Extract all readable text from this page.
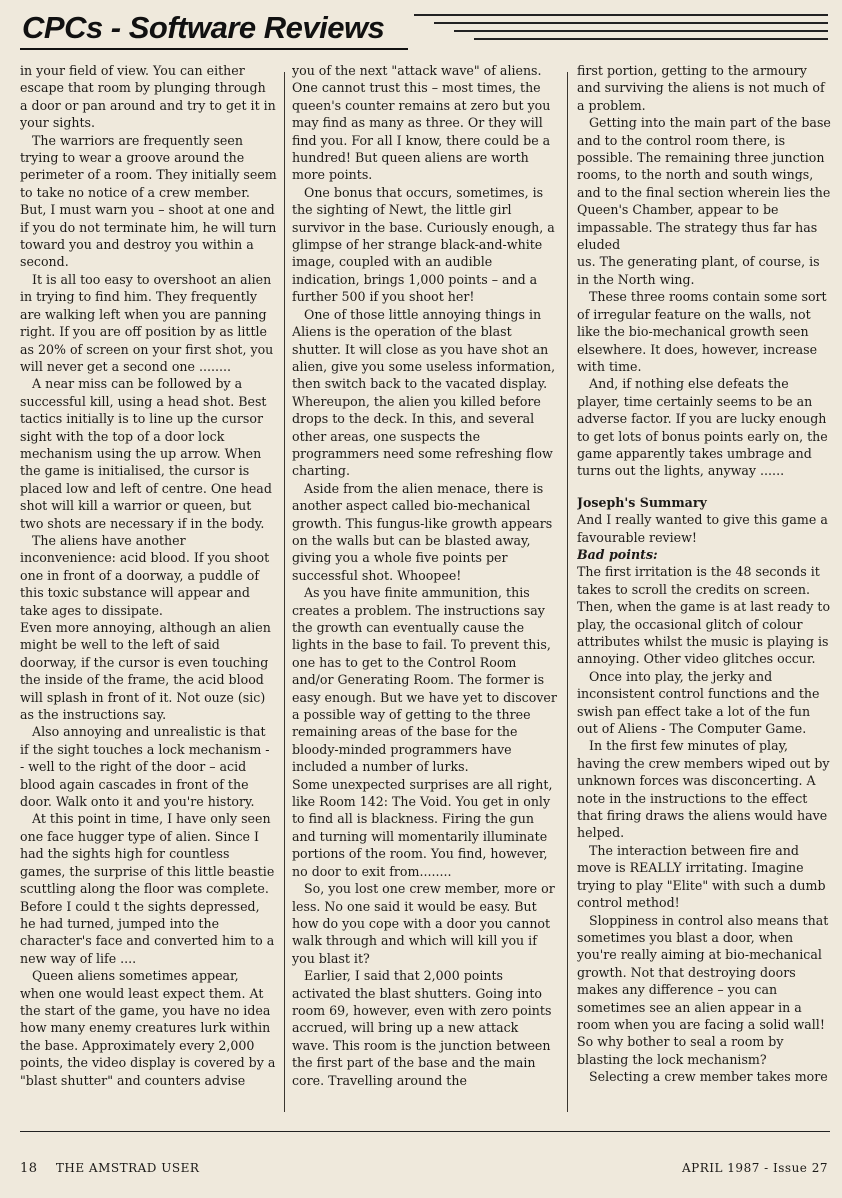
CPCs - Software Reviews

in your field of view. You can either escape that room by plunging through a door or pan around and try to get it in your sights.

The warriors are frequently seen trying to wear a groove around the perimeter of a room. They initially seem to take no notice of a crew member. But, I must warn you – shoot at one and if you do not terminate him, he will turn toward you and destroy you within a second.

It is all too easy to overshoot an alien in trying to find him. They frequently are walking left when you are panning right. If you are off position by as little as 20% of screen on your first shot, you will never get a second one ........

A near miss can be followed by a successful kill, using a head shot. Best tactics initially is to line up the cursor sight with the top of a door lock mechanism using the up arrow. When the game is initialised, the cursor is placed low and left of centre. One head shot will kill a warrior or queen, but two shots are necessary if in the body.

The aliens have another inconvenience: acid blood. If you shoot one in front of a doorway, a puddle of this toxic substance will appear and take ages to dissipate.

Even more annoying, although an alien might be well to the left of said doorway, if the cursor is even touching the inside of the frame, the acid blood will splash in front of it. Not ouze (sic) as the instructions say.

Also annoying and unrealistic is that if the sight touches a lock mechanism - - well to the right of the door – acid blood again cascades in front of the door. Walk onto it and you're history.

At this point in time, I have only seen one face hugger type of alien. Since I had the sights high for countless games, the surprise of this little beastie scuttling along the floor was complete. Before I could t the sights depressed, he had turned, jumped into the character's face and converted him to a new way of life ....

Queen aliens sometimes appear, when one would least expect them. At the start of the game, you have no idea how many enemy creatures lurk within the base. Approximately every 2,000 points, the video display is covered by a "blast shutter" and counters advise

you of the next "attack wave" of aliens. One cannot trust this – most times, the queen's counter remains at zero but you may find as many as three. Or they will find you. For all I know, there could be a hundred! But queen aliens are worth more points.

One bonus that occurs, sometimes, is the sighting of Newt, the little girl survivor in the base. Curiously enough, a glimpse of her strange black-and-white image, coupled with an audible indication, brings 1,000 points – and a further 500 if you shoot her!

One of those little annoying things in Aliens is the operation of the blast shutter. It will close as you have shot an alien, give you some useless information, then switch back to the vacated display. Whereupon, the alien you killed before drops to the deck. In this, and several other areas, one suspects the programmers need some refreshing flow charting.

Aside from the alien menace, there is another aspect called bio-mechanical growth. This fungus-like growth appears on the walls but can be blasted away, giving you a whole five points per successful shot. Whoopee!

As you have finite ammunition, this creates a problem. The instructions say the growth can eventually cause the lights in the base to fail. To prevent this, one has to get to the Control Room and/or Generating Room. The former is easy enough. But we have yet to discover a possible way of getting to the three remaining areas of the base for the bloody-minded programmers have included a number of lurks.

Some unexpected surprises are all right, like Room 142: The Void. You get in only to find all is blackness. Firing the gun and turning will momentarily illuminate portions of the room. You find, however, no door to exit from........

So, you lost one crew member, more or less. No one said it would be easy. But how do you cope with a door you cannot walk through and which will kill you if you blast it?

Earlier, I said that 2,000 points activated the blast shutters. Going into room 69, however, even with zero points accrued, will bring up a new attack wave. This room is the junction between the first part of the base and the main core. Travelling around the

first portion, getting to the armoury and surviving the aliens is not much of a problem.

Getting into the main part of the base and to the control room there, is possible. The remaining three junction rooms, to the north and south wings, and to the final section wherein lies the Queen's Chamber, appear to be impassable. The strategy thus far has eluded

us. The generating plant, of course, is in the North wing.

These three rooms contain some sort of irregular feature on the walls, not like the bio-mechanical growth seen elsewhere. It does, however, increase with time.

And, if nothing else defeats the player, time certainly seems to be an adverse factor. If you are lucky enough to get lots of bonus points early on, the game apparently takes umbrage and turns out the lights, anyway ......

Joseph's Summary

And I really wanted to give this game a favourable review!

Bad points:

The first irritation is the 48 seconds it takes to scroll the credits on screen. Then, when the game is at last ready to play, the occasional glitch of colour attributes whilst the music is playing is annoying. Other video glitches occur.

Once into play, the jerky and inconsistent control functions and the swish pan effect take a lot of the fun out of Aliens - The Computer Game.

In the first few minutes of play, having the crew members wiped out by unknown forces was disconcerting. A note in the instructions to the effect that firing draws the aliens would have helped.

The interaction between fire and move is REALLY irritating. Imagine trying to play "Elite" with such a dumb control method!

Sloppiness in control also means that sometimes you blast a door, when you're really aiming at bio-mechanical growth. Not that destroying doors makes any difference – you can sometimes see an alien appear in a room when you are facing a solid wall! So why bother to seal a room by blasting the lock mechanism?

Selecting a crew member takes more

18 THE AMSTRAD USER	APRIL 1987 - Issue 27
